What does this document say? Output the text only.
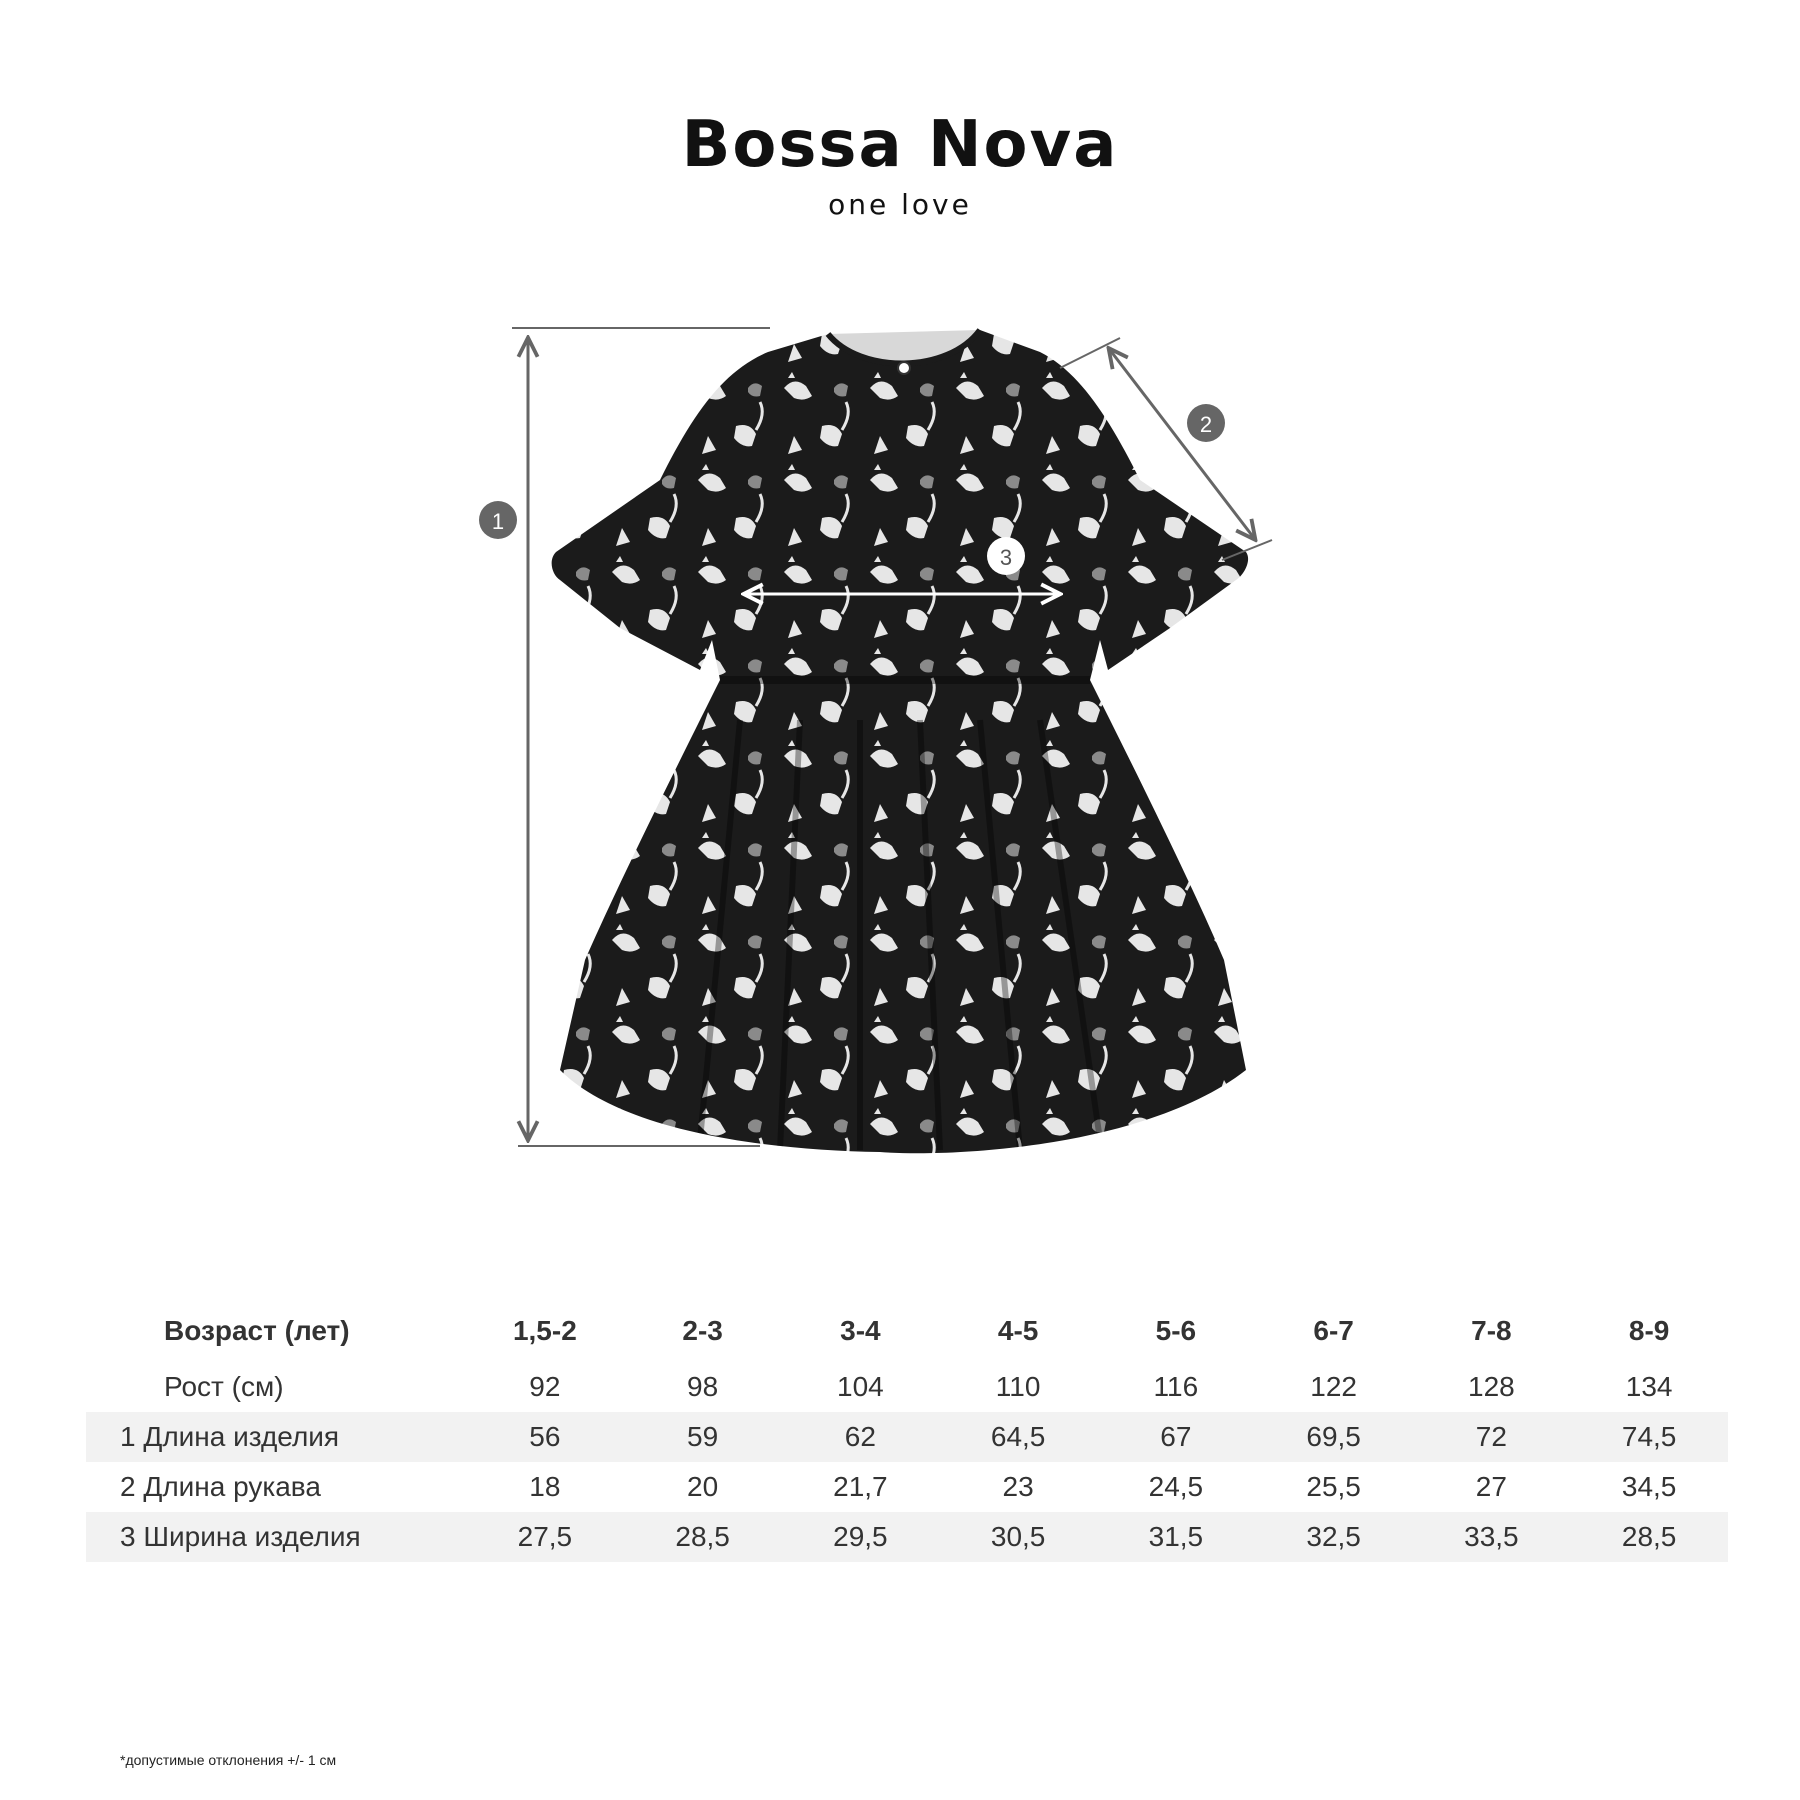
Bossa Nova
one love
1
2
3
Возраст (лет)	1,5-2	2-3	3-4	4-5	5-6	6-7	7-8	8-9
Рост (см)	92	98	104	110	116	122	128	134
1 Длина изделия	56	59	62	64,5	67	69,5	72	74,5
2 Длина рукава	18	20	21,7	23	24,5	25,5	27	34,5
3 Ширина изделия	27,5	28,5	29,5	30,5	31,5	32,5	33,5	28,5
*допустимые отклонения +/- 1 см
